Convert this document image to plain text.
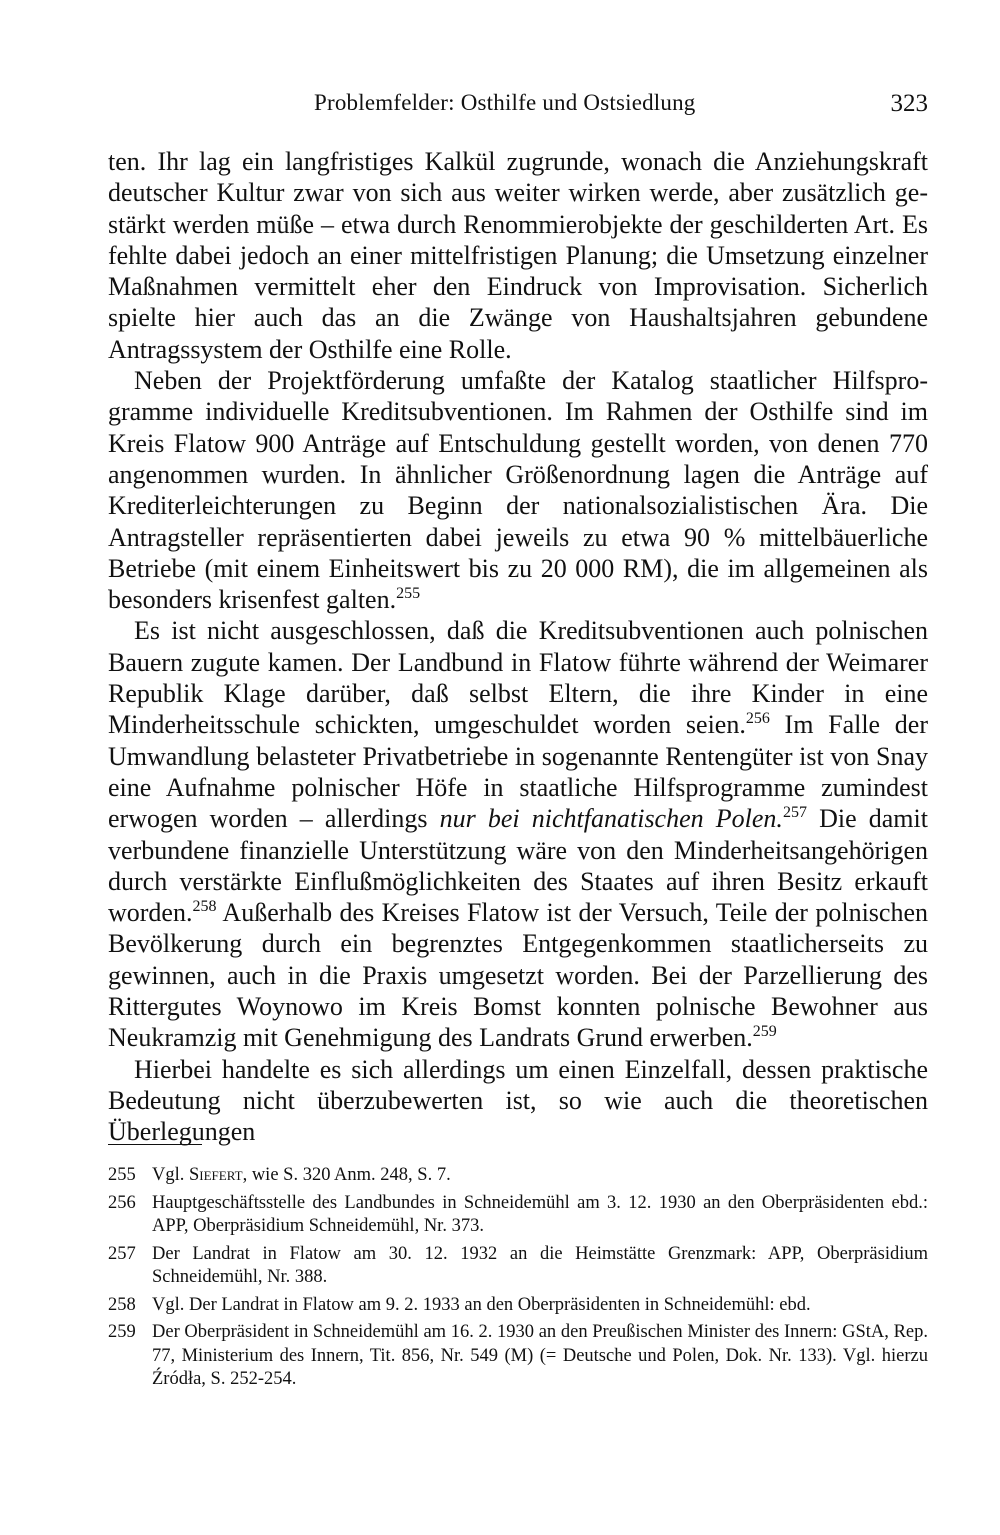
Problemfelder: Osthilfe und Ostsiedlung	323

ten. Ihr lag ein langfristiges Kalkül zugrunde, wonach die Anziehungskraft deutscher Kultur zwar von sich aus weiter wirken werde, aber zusätzlich gestärkt werden müße – etwa durch Renommierobjekte der geschilderten Art. Es fehlte dabei jedoch an einer mittelfristigen Planung; die Umsetzung einzelner Maßnahmen vermittelt eher den Eindruck von Improvisation. Sicherlich spielte hier auch das an die Zwänge von Haushaltsjahren gebundene Antragssystem der Osthilfe eine Rolle.

Neben der Projektförderung umfaßte der Katalog staatlicher Hilfsprogramme individuelle Kreditsubventionen. Im Rahmen der Osthilfe sind im Kreis Flatow 900 Anträge auf Entschuldung gestellt worden, von denen 770 angenommen wurden. In ähnlicher Größenordnung lagen die Anträge auf Krediterleichterungen zu Beginn der nationalsozialistischen Ära. Die Antragsteller repräsentierten dabei jeweils zu etwa 90 % mittelbäuerliche Betriebe (mit einem Einheitswert bis zu 20 000 RM), die im allgemeinen als besonders krisenfest galten.$^{255}$

Es ist nicht ausgeschlossen, daß die Kreditsubventionen auch polnischen Bauern zugute kamen. Der Landbund in Flatow führte während der Weimarer Republik Klage darüber, daß selbst Eltern, die ihre Kinder in eine Minderheitsschule schickten, umgeschuldet worden seien.$^{256}$ Im Falle der Umwandlung belasteter Privatbetriebe in sogenannte Rentengüter ist von Snay eine Aufnahme polnischer Höfe in staatliche Hilfsprogramme zumindest erwogen worden – allerdings nur bei nichtfanatischen Polen.$^{257}$ Die damit verbundene finanzielle Unterstützung wäre von den Minderheitsangehörigen durch verstärkte Einflußmöglichkeiten des Staates auf ihren Besitz erkauft worden.$^{258}$ Außerhalb des Kreises Flatow ist der Versuch, Teile der polnischen Bevölkerung durch ein begrenztes Entgegenkommen staatlicherseits zu gewinnen, auch in die Praxis umgesetzt worden. Bei der Parzellierung des Rittergutes Woynowo im Kreis Bomst konnten polnische Bewohner aus Neukramzig mit Genehmigung des Landrats Grund erwerben.$^{259}$

Hierbei handelte es sich allerdings um einen Einzelfall, dessen praktische Bedeutung nicht überzubewerten ist, so wie auch die theoretischen Überlegungen

255 Vgl. Siefert, wie S. 320 Anm. 248, S. 7.
256 Hauptgeschäftsstelle des Landbundes in Schneidemühl am 3. 12. 1930 an den Oberpräsidenten ebd.: APP, Oberpräsidium Schneidemühl, Nr. 373.
257 Der Landrat in Flatow am 30. 12. 1932 an die Heimstätte Grenzmark: APP, Oberpräsidium Schneidemühl, Nr. 388.
258 Vgl. Der Landrat in Flatow am 9. 2. 1933 an den Oberpräsidenten in Schneidemühl: ebd.
259 Der Oberpräsident in Schneidemühl am 16. 2. 1930 an den Preußischen Minister des Innern: GStA, Rep. 77, Ministerium des Innern, Tit. 856, Nr. 549 (M) (= Deutsche und Polen, Dok. Nr. 133). Vgl. hierzu Źródła, S. 252-254.
